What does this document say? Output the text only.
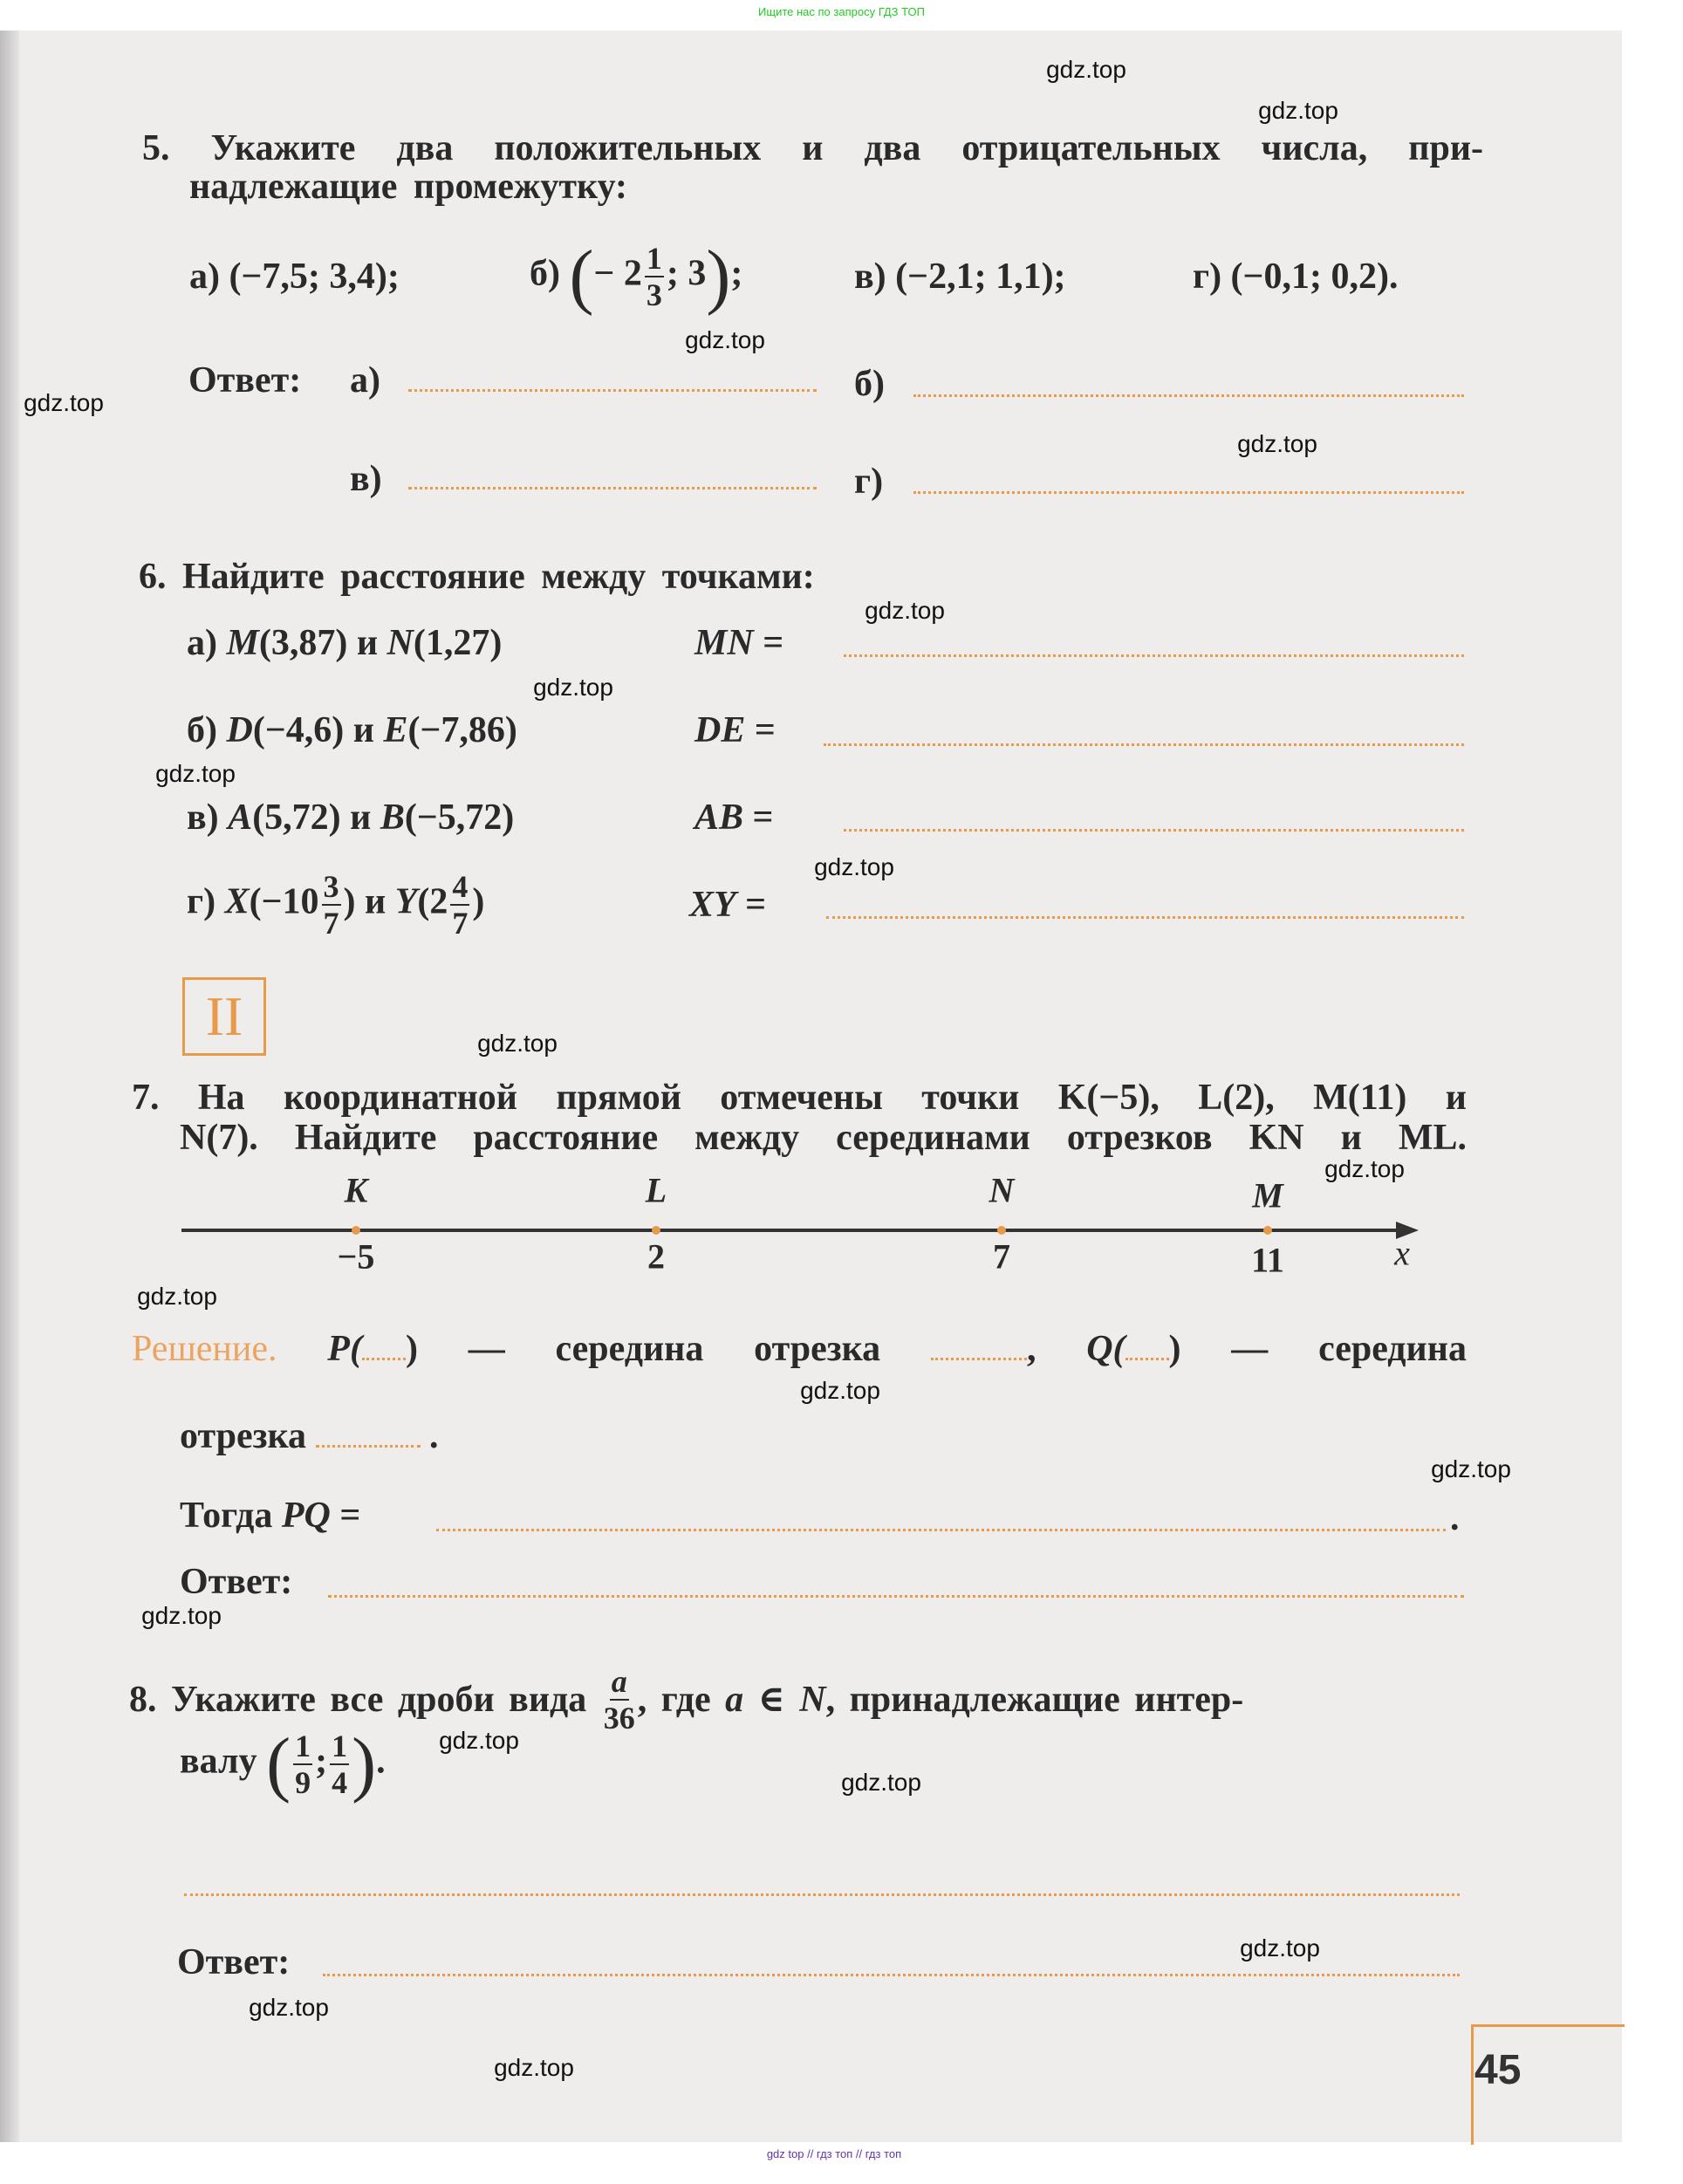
Ищите нас по запросу ГДЗ ТОП
5. Укажите два положительных и два отрицательных числа, при-
надлежащие промежутку:
а) (−7,5; 3,4);	б) (− $2 \frac{1}{3}$ ; 3);	в) (−2,1; 1,1);	г) (−0,1; 0,2).
Ответ: а)	б)
в)	г)
6. Найдите расстояние между точками:
а) M(3,87) и N(1,27)	MN =
б) D(−4,6) и E(−7,86)	DE =
в) A(5,72) и B(−5,72)	AB =
г) $X(-10 \frac{3}{7}$ ) и $Y(2 \frac{4}{7}$ )	XY =
II
7. На координатной прямой отмечены точки K(−5), L(2), M(11) и
N(7). Найдите расстояние между серединами отрезков KN и ML.
x
K
−5
L
2
N
7
M
11
Решение. P( ) — середина отрезка	, Q( ) — середина
отрезка	.
Тогда PQ =	.
Ответ:
8.
Укажите все дроби вида
$\frac{a}{36}$ , где
a ∈ N , принадлежащие интер-
валу ( $\frac{1}{9}$ ; $\frac{1}{4}$ ).
Ответ:
45
gdz.top
gdz.top
gdz.top
gdz.top
gdz.top
gdz.top
gdz.top
gdz.top
gdz.top
gdz.top
gdz.top
gdz.top
gdz.top
gdz.top
gdz.top
gdz.top
gdz.top
gdz.top
gdz.top
gdz.top
gdz top // гдз топ // гдз топ
